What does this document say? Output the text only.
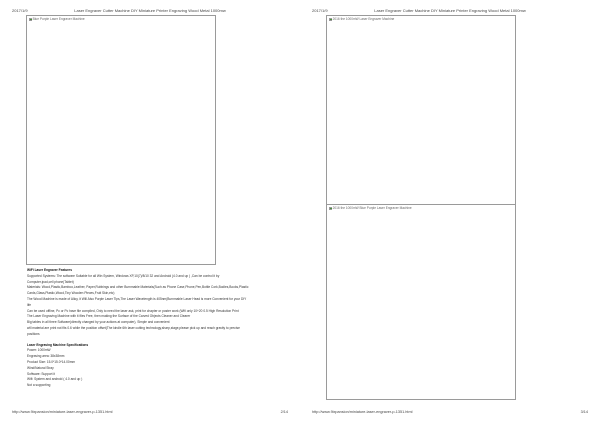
2017/1/9	Laser Engraver Cutter Machine DIY Miniature Printer Engraving Wood Metal 1000mw
Blue Purple Laser Engraver Machine

WiFi Laser Engraver Features

Supported Systems: The software Suitable for all Win System, Windows XP,10(7)/8/10 32 and Android (4.0 and up ) ,Can be control it by

Computer,ipad,cell phone(Tablet)

Materials: Wood,Plastic,Bamboo,Leather, Paper,Rubbings and other Burnmable Materials(Such as Phone Case,Phone,Pen,Bottle Cork,Bodies,Books,Plastic

Cards,Glass,Plastic,Wood,Tiny Wooden Pieces,Fruit Skin,etc)

The Wood Machine is made of Alloy, it Will Also Purple Laser Tips,The Laser Wavelength is 405nm(Burnmable Laser Head is more Convenient for your DIY

life

Can be used offline, Pc or Pc have file compiled, Only to need the laser ask, print for chapter or poster work (Wifi only 10+20 0.5 High Resolution Print

The Laser Engraving Machine with it files Free, then making the Surface of the Carved Objects Cleaner and Clearer

Big tables in all three Software(directly changed by your actions at computer), Simple and convenient

will material are print not fits 0.6 while the position offset(The kindle 6th laser cutting technology,sharp,stage,please pick up and reach gravity to precise

positions

Laser Engraving Machine Specifications

Power: 1000mW

Engraving area: 38x38mm

Product Size: 15.0*15.0*14.00mm

Wind/Natural Stray

Software: Support it

Wifi: System and android ( 4.0 and up )

Not a supporting

http://www.9ixpansion/miniature-laser-engraver-p-1351.html	2/14
2017/1/9	Laser Engraver Cutter Machine DIY Miniature Printer Engraving Wood Metal 1000mw
2016 the 1000mW Laser Engraver Machine
2016 the 1000mW Blue Purple Laser Engraver Machine
http://www.9ixpansion/miniature-laser-engraver-p-1351.html	3/14
